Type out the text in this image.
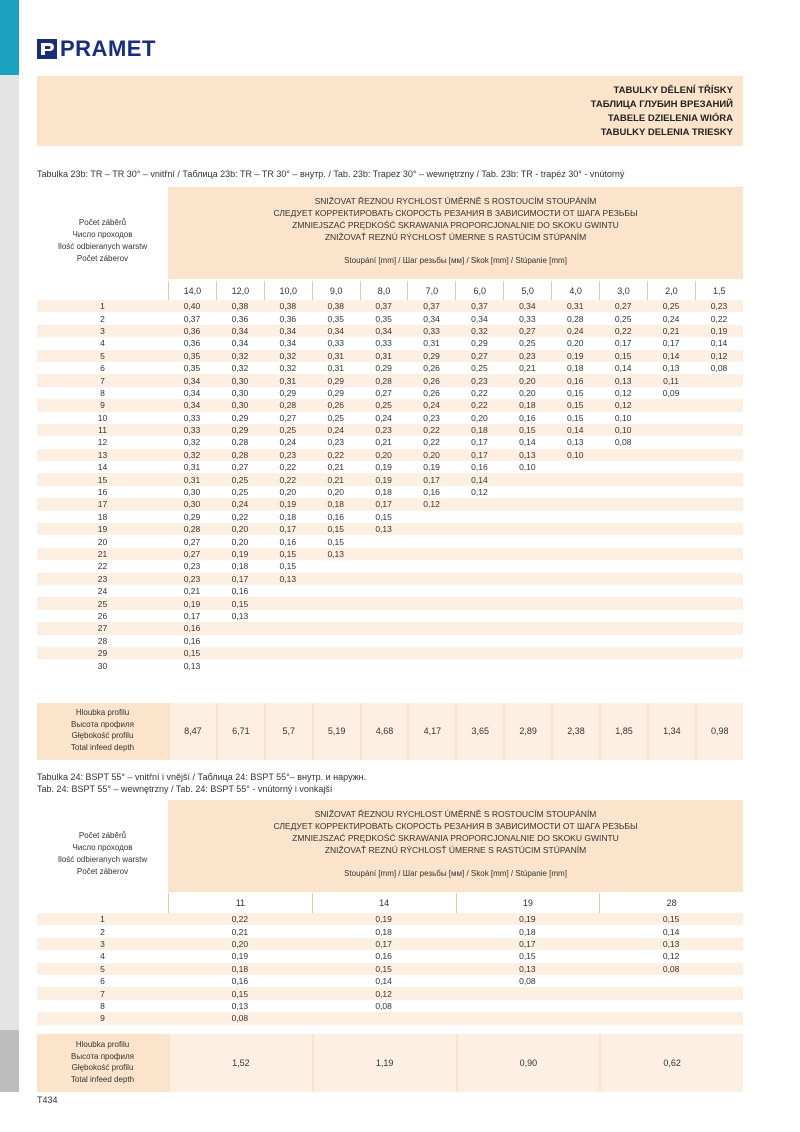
PRAMET
TABULKY DĚLENÍ TŘÍSKY
ТАБЛИЦА ГЛУБИН ВРЕЗАНИЙ
TABELE DZIELENIA WIÓRA
TABULKY DELENIA TRIESKY
Tabulka 23b: TR – TR 30° – vnitřní / Таблица 23b: TR – TR 30° – внутр. / Tab. 23b: Trapez 30° – wewnętrzny / Tab. 23b: TR - trapéz 30° - vnútorný
Počet záběrů
Число проходов
Ilość odbieranych warstw
Počet záberov
SNIŽOVAT ŘEZNOU RYCHLOST ÚMĚRNĚ S ROSTOUCÍM STOUPÁNÍM
СЛЕДУЕТ КОРРЕКТИРОВАТЬ СКОРОСТЬ РЕЗАНИЯ В ЗАВИСИМОСТИ ОТ ШАГА РЕЗЬБЫ
ZMNIEJSZAĆ PRĘDKOŚĆ SKRAWANIA PROPORCJONALNIE DO SKOKU GWINTU
ZNIŽOVAŤ REZNÚ RÝCHLOSŤ ÚMERNE S RASTÚCIM STÚPANÍM
Stoupání [mm] / Шаг резьбы [мм] / Skok [mm] / Stúpanie [mm]
14,0	12,0	10,0	9,0	8,0	7,0	6,0	5,0	4,0	3,0	2,0	1,5
1	0,40	0,38	0,38	0,38	0,37	0,37	0,37	0,34	0,31	0,27	0,25	0,23
2	0,37	0,36	0,36	0,35	0,35	0,34	0,34	0,33	0,28	0,25	0,24	0,22
3	0,36	0,34	0,34	0,34	0,34	0,33	0,32	0,27	0,24	0,22	0,21	0,19
4	0,36	0,34	0,34	0,33	0,33	0,31	0,29	0,25	0,20	0,17	0,17	0,14
5	0,35	0,32	0,32	0,31	0,31	0,29	0,27	0,23	0,19	0,15	0,14	0,12
6	0,35	0,32	0,32	0,31	0,29	0,26	0,25	0,21	0,18	0,14	0,13	0,08
7	0,34	0,30	0,31	0,29	0,28	0,26	0,23	0,20	0,16	0,13	0,11	
8	0,34	0,30	0,29	0,29	0,27	0,26	0,22	0,20	0,15	0,12	0,09	
9	0,34	0,30	0,28	0,26	0,25	0,24	0,22	0,18	0,15	0,12		
10	0,33	0,29	0,27	0,25	0,24	0,23	0,20	0,16	0,15	0,10		
11	0,33	0,29	0,25	0,24	0,23	0,22	0,18	0,15	0,14	0,10		
12	0,32	0,28	0,24	0,23	0,21	0,22	0,17	0,14	0,13	0,08		
13	0,32	0,28	0,23	0,22	0,20	0,20	0,17	0,13	0,10			
14	0,31	0,27	0,22	0,21	0,19	0,19	0,16	0,10				
15	0,31	0,25	0,22	0,21	0,19	0,17	0,14					
16	0,30	0,25	0,20	0,20	0,18	0,16	0,12					
17	0,30	0,24	0,19	0,18	0,17	0,12						
18	0,29	0,22	0,18	0,16	0,15							
19	0,28	0,20	0,17	0,15	0,13							
20	0,27	0,20	0,16	0,15								
21	0,27	0,19	0,15	0,13								
22	0,23	0,18	0,15									
23	0,23	0,17	0,13									
24	0,21	0,16										
25	0,19	0,15										
26	0,17	0,13										
27	0,16											
28	0,16											
29	0,15											
30	0,13											
Hloubka profilu
Высота профиля
Głębokość profilu
Total infeed depth
8,47	6,71	5,7	5,19	4,68	4,17	3,65	2,89	2,38	1,85	1,34	0,98
Tabulka 24: BSPT 55° – vnitřní i vnější / Таблица 24: BSPT 55°– внутр. и наружн.
Tab. 24: BSPT 55° – wewnętrzny / Tab. 24: BSPT 55° - vnútorný i vonkajší
Počet záběrů
Число проходов
Ilość odbieranych warstw
Počet záberov
SNIŽOVAT ŘEZNOU RYCHLOST ÚMĚRNĚ S ROSTOUCÍM STOUPÁNÍM
СЛЕДУЕТ КОРРЕКТИРОВАТЬ СКОРОСТЬ РЕЗАНИЯ В ЗАВИСИМОСТИ ОТ ШАГА РЕЗЬБЫ
ZMNIEJSZAĆ PRĘDKOŚĆ SKRAWANIA PROPORCJONALNIE DO SKOKU GWINTU
ZNIŽOVAŤ REZNÚ RÝCHLOSŤ ÚMERNE S RASTÚCIM STÚPANÍM
Stoupání [mm] / Шаг резьбы [мм] / Skok [mm] / Stúpanie [mm]
11	14	19	28
1	0,22	0,19	0,19	0,15
2	0,21	0,18	0,18	0,14
3	0,20	0,17	0,17	0,13
4	0,19	0,16	0,15	0,12
5	0,18	0,15	0,13	0,08
6	0,16	0,14	0,08	
7	0,15	0,12		
8	0,13	0,08		
9	0,08			
Hloubka profilu
Высота профиля
Głębokość profilu
Total infeed depth
1,52	1,19	0,90	0,62
T434
